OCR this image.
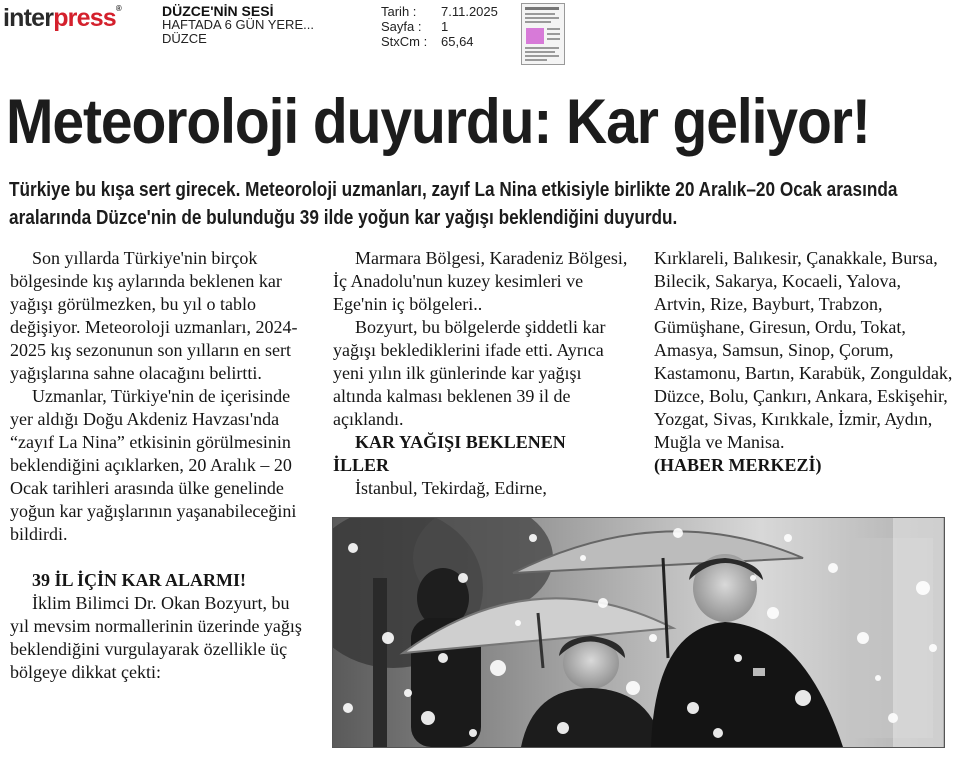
interpress®	DÜZCE'NİN SESİ
HAFTADA 6 GÜN YERE...
DÜZCE
Tarih :	7.11.2025
Sayfa :	1
StxCm :	65,64
Meteoroloji duyurdu: Kar geliyor!
Türkiye bu kışa sert girecek. Meteoroloji uzmanları, zayıf La Nina etkisiyle birlikte 20 Aralık–20 Ocak arasında aralarında Düzce'nin de bulunduğu 39 ilde yoğun kar yağışı beklendiğini duyurdu.

Son yıllarda Türkiye'nin birçok bölgesinde kış aylarında beklenen kar yağışı görülmezken, bu yıl o tablo değişiyor. Meteoroloji uzmanları, 2024-2025 kış sezonunun son yılların en sert yağışlarına sahne olacağını belirtti.

Uzmanlar, Türkiye'nin de içerisinde yer aldığı Doğu Akdeniz Havzası'nda “zayıf La Nina” etkisinin görülmesinin beklendiğini açıklarken, 20 Aralık – 20 Ocak tarihleri arasında ülke genelinde yoğun kar yağışlarının yaşanabileceğini bildirdi.

39 İL İÇİN KAR ALARMI!

İklim Bilimci Dr. Okan Bozyurt, bu yıl mevsim normallerinin üzerinde yağış beklendiğini vurgulayarak özellikle üç bölgeye dikkat çekti:

Marmara Bölgesi, Karadeniz Bölgesi, İç Anadolu'nun kuzey kesimleri ve Ege'nin iç bölgeleri..

Bozyurt, bu bölgelerde şiddetli kar yağışı beklediklerini ifade etti. Ayrıca yeni yılın ilk günlerinde kar yağışı altında kalması beklenen 39 il de açıklandı.

KAR YAĞIŞI BEKLENEN İLLER

İstanbul, Tekirdağ, Edirne,

Kırklareli, Balıkesir, Çanakkale, Bursa, Bilecik, Sakarya, Kocaeli, Yalova, Artvin, Rize, Bayburt, Trabzon, Gümüşhane, Giresun, Ordu, Tokat, Amasya, Samsun, Sinop, Çorum, Kastamonu, Bartın, Karabük, Zonguldak, Düzce, Bolu, Çankırı, Ankara, Eskişehir, Yozgat, Sivas, Kırıkkale, İzmir, Aydın, Muğla ve Manisa.

(HABER MERKEZİ)
